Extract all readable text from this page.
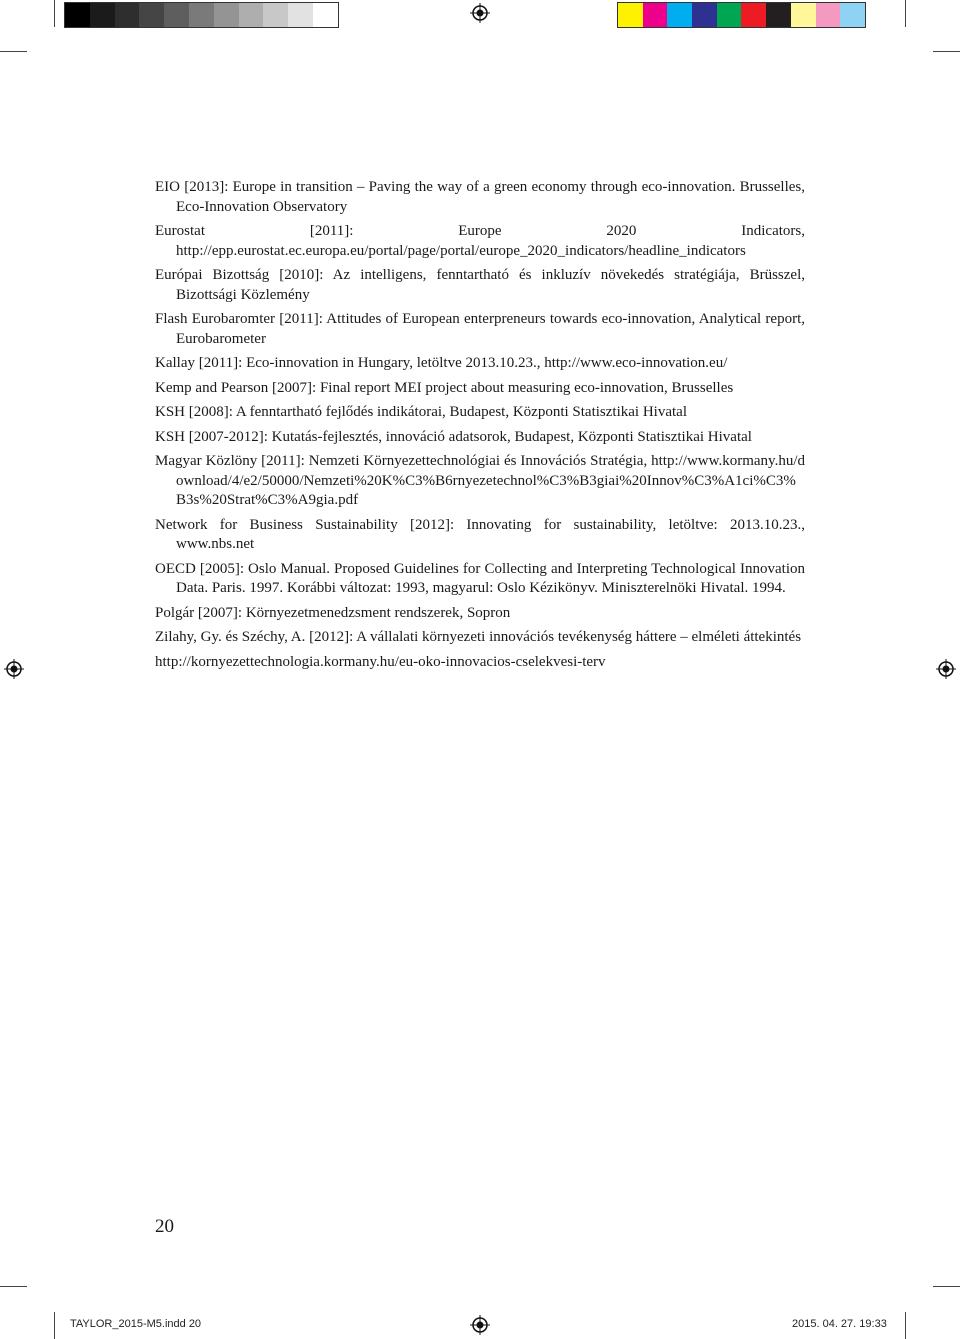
EIO [2013]: Europe in transition – Paving the way of a green economy through eco-innovation. Brusselles, Eco-Innovation Observatory
Eurostat [2011]: Europe 2020 Indicators, http://epp.eurostat.ec.europa.eu/portal/page/portal/europe_2020_indicators/headline_indicators
Európai Bizottság [2010]: Az intelligens, fenntartható és inkluzív növekedés stratégiája, Brüsszel, Bizottsági Közlemény
Flash Eurobaromter [2011]: Attitudes of European enterpreneurs towards eco-innovation, Analytical report, Eurobarometer
Kallay [2011]: Eco-innovation in Hungary, letöltve 2013.10.23., http://www.eco-innovation.eu/
Kemp and Pearson [2007]: Final report MEI project about measuring eco-innovation, Brusselles
KSH [2008]: A fenntartható fejlődés indikátorai, Budapest, Központi Statisztikai Hivatal
KSH [2007-2012]: Kutatás-fejlesztés, innováció adatsorok, Budapest, Központi Statisztikai Hivatal
Magyar Közlöny [2011]: Nemzeti Környezettechnológiai és Innovációs Stratégia, http://www.kormany.hu/download/4/e2/50000/Nemzeti%20K%C3%B6rnyezetechnol%C3%B3giai%20Innov%C3%A1ci%C3%B3s%20Strat%C3%A9gia.pdf
Network for Business Sustainability [2012]: Innovating for sustainability, letöltve: 2013.10.23., www.nbs.net
OECD [2005]: Oslo Manual. Proposed Guidelines for Collecting and Interpreting Technological Innovation Data. Paris. 1997. Korábbi változat: 1993, magyarul: Oslo Kézikönyv. Miniszterelnöki Hivatal. 1994.
Polgár [2007]: Környezetmenedzsment rendszerek, Sopron
Zilahy, Gy. és Széchy, A. [2012]: A vállalati környezeti innovációs tevékenység háttere – elméleti áttekintés
http://kornyezettechnologia.kormany.hu/eu-oko-innovacios-cselekvesi-terv
20
TAYLOR_2015-M5.indd 20	2015. 04. 27. 19:33
